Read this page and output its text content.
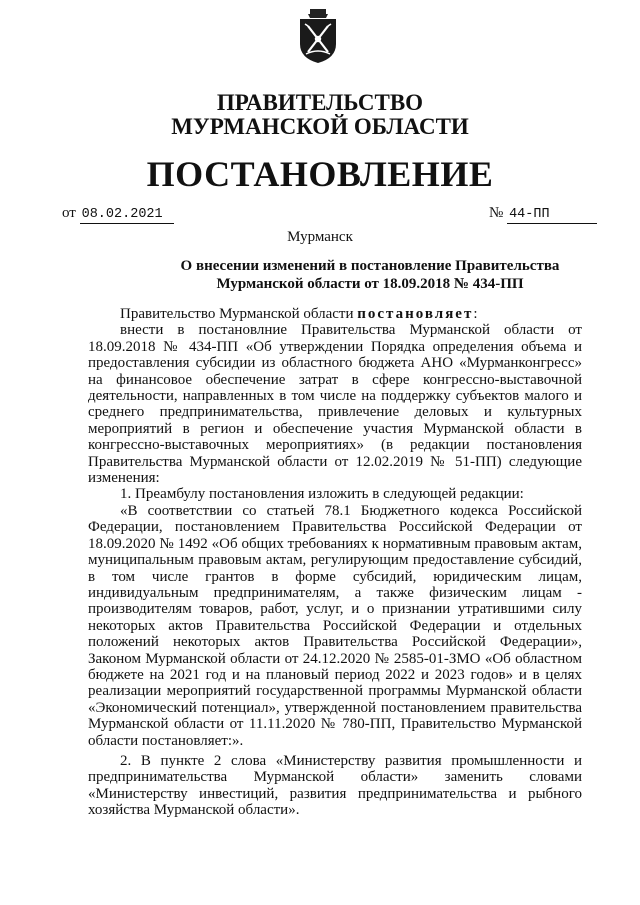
ПРАВИТЕЛЬСТВО
МУРМАНСКОЙ ОБЛАСТИ
ПОСТАНОВЛЕНИЕ
от 08.02.2021	№ 44-ПП
Мурманск
О внесении изменений в постановление Правительства
Мурманской области от 18.09.2018 № 434-ПП

Правительство Мурманской области постановляет:

внести в постановлние Правительства Мурманской области от 18.09.2018 № 434-ПП «Об утверждении Порядка определения объема и предоставления субсидии из областного бюджета АНО «Мурманконгресс» на финансовое обеспечение затрат в сфере конгрессно-выставочной деятельности, направленных в том числе на поддержку субъектов малого и среднего предпринимательства, привлечение деловых и культурных мероприятий в регион и обеспечение участия Мурманской области в конгрессно-выставочных мероприятиях» (в редакции постановления Правительства Мурманской области от 12.02.2019 № 51-ПП) следующие изменения:

1. Преамбулу постановления изложить в следующей редакции:

«В соответствии со статьей 78.1 Бюджетного кодекса Российской Федерации, постановлением Правительства Российской Федерации от 18.09.2020 № 1492 «Об общих требованиях к нормативным правовым актам, муниципальным правовым актам, регулирующим предоставление субсидий, в том числе грантов в форме субсидий, юридическим лицам, индивидуальным предпринимателям, а также физическим лицам - производителям товаров, работ, услуг, и о признании утратившими силу некоторых актов Правительства Российской Федерации и отдельных положений некоторых актов Правительства Российской Федерации», Законом Мурманской области от 24.12.2020 № 2585-01-ЗМО «Об областном бюджете на 2021 год и на плановый период 2022 и 2023 годов» и в целях реализации мероприятий государственной программы Мурманской области «Экономический потенциал», утвержденной постановлением правительства Мурманской области от 11.11.2020 № 780-ПП, Правительство Мурманской области постановляет:».

2. В пункте 2 слова «Министерству развития промышленности и предпринимательства Мурманской области» заменить словами «Министерству инвестиций, развития предпринимательства и рыбного хозяйства Мурманской области».
